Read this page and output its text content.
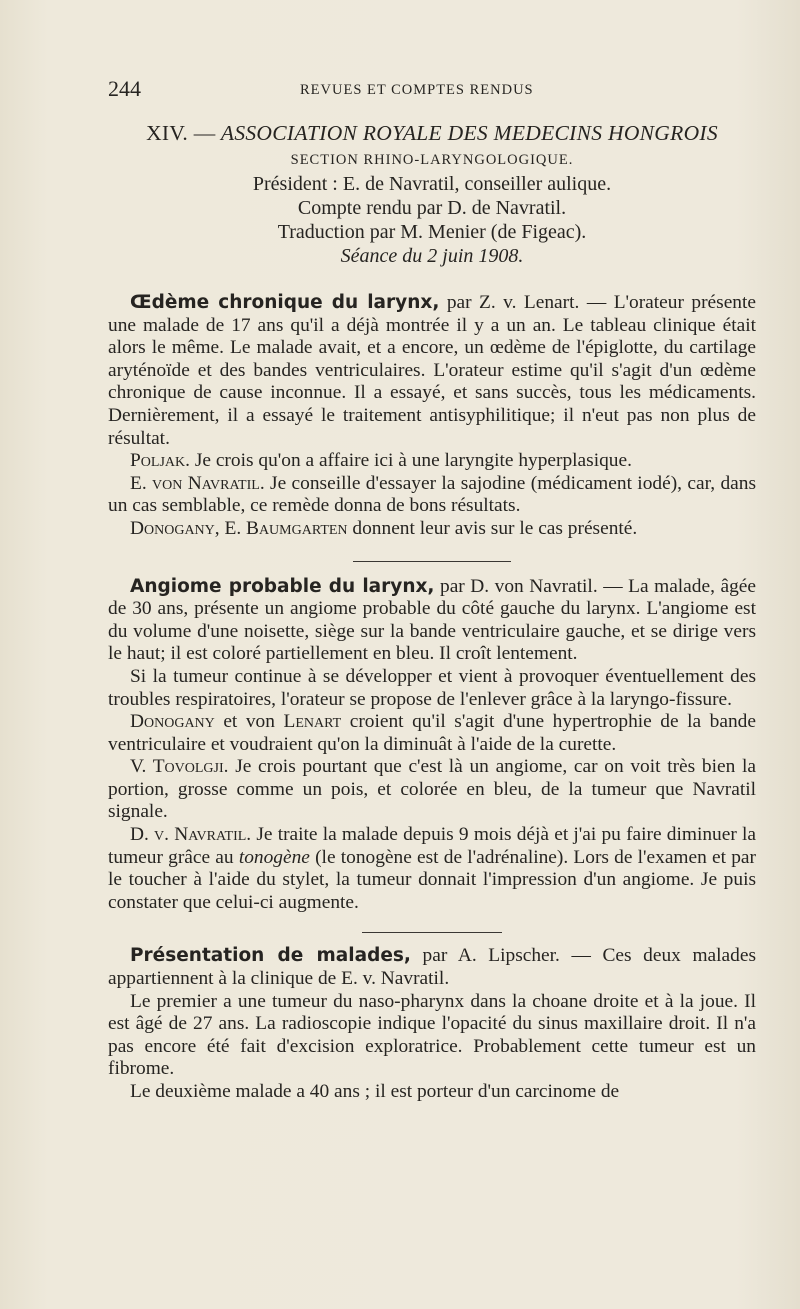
244	REVUES ET COMPTES RENDUS
XIV. — ASSOCIATION ROYALE DES MEDECINS HONGROIS
SECTION RHINO-LARYNGOLOGIQUE.
Président : E. de Navratil, conseiller aulique.
Compte rendu par D. de Navratil.
Traduction par M. Menier (de Figeac).
Séance du 2 juin 1908.

Œdème chronique du larynx, par Z. v. Lenart. — L'orateur présente une malade de 17 ans qu'il a déjà montrée il y a un an. Le tableau clinique était alors le même. Le malade avait, et a encore, un œdème de l'épiglotte, du cartilage aryténoïde et des bandes ventriculaires. L'orateur estime qu'il s'agit d'un œdème chronique de cause inconnue. Il a essayé, et sans succès, tous les médicaments. Dernièrement, il a essayé le traitement antisyphilitique; il n'eut pas non plus de résultat.

Poljak. Je crois qu'on a affaire ici à une laryngite hyperplasique.

E. von Navratil. Je conseille d'essayer la sajodine (médicament iodé), car, dans un cas semblable, ce remède donna de bons résultats.

Donogany, E. Baumgarten donnent leur avis sur le cas présenté.

Angiome probable du larynx, par D. von Navratil. — La malade, âgée de 30 ans, présente un angiome probable du côté gauche du larynx. L'angiome est du volume d'une noisette, siège sur la bande ventriculaire gauche, et se dirige vers le haut; il est coloré partiellement en bleu. Il croît lentement.

Si la tumeur continue à se développer et vient à provoquer éventuellement des troubles respiratoires, l'orateur se propose de l'enlever grâce à la laryngo-fissure.

Donogany et von Lenart croient qu'il s'agit d'une hypertrophie de la bande ventriculaire et voudraient qu'on la diminuât à l'aide de la curette.

V. Tovolgji. Je crois pourtant que c'est là un angiome, car on voit très bien la portion, grosse comme un pois, et colorée en bleu, de la tumeur que Navratil signale.

D. v. Navratil. Je traite la malade depuis 9 mois déjà et j'ai pu faire diminuer la tumeur grâce au tonogène (le tonogène est de l'adrénaline). Lors de l'examen et par le toucher à l'aide du stylet, la tumeur donnait l'impression d'un angiome. Je puis constater que celui-ci augmente.

Présentation de malades, par A. Lipscher. — Ces deux malades appartiennent à la clinique de E. v. Navratil.

Le premier a une tumeur du naso-pharynx dans la choane droite et à la joue. Il est âgé de 27 ans. La radioscopie indique l'opacité du sinus maxillaire droit. Il n'a pas encore été fait d'excision exploratrice. Probablement cette tumeur est un fibrome.

Le deuxième malade a 40 ans ; il est porteur d'un carcinome de
